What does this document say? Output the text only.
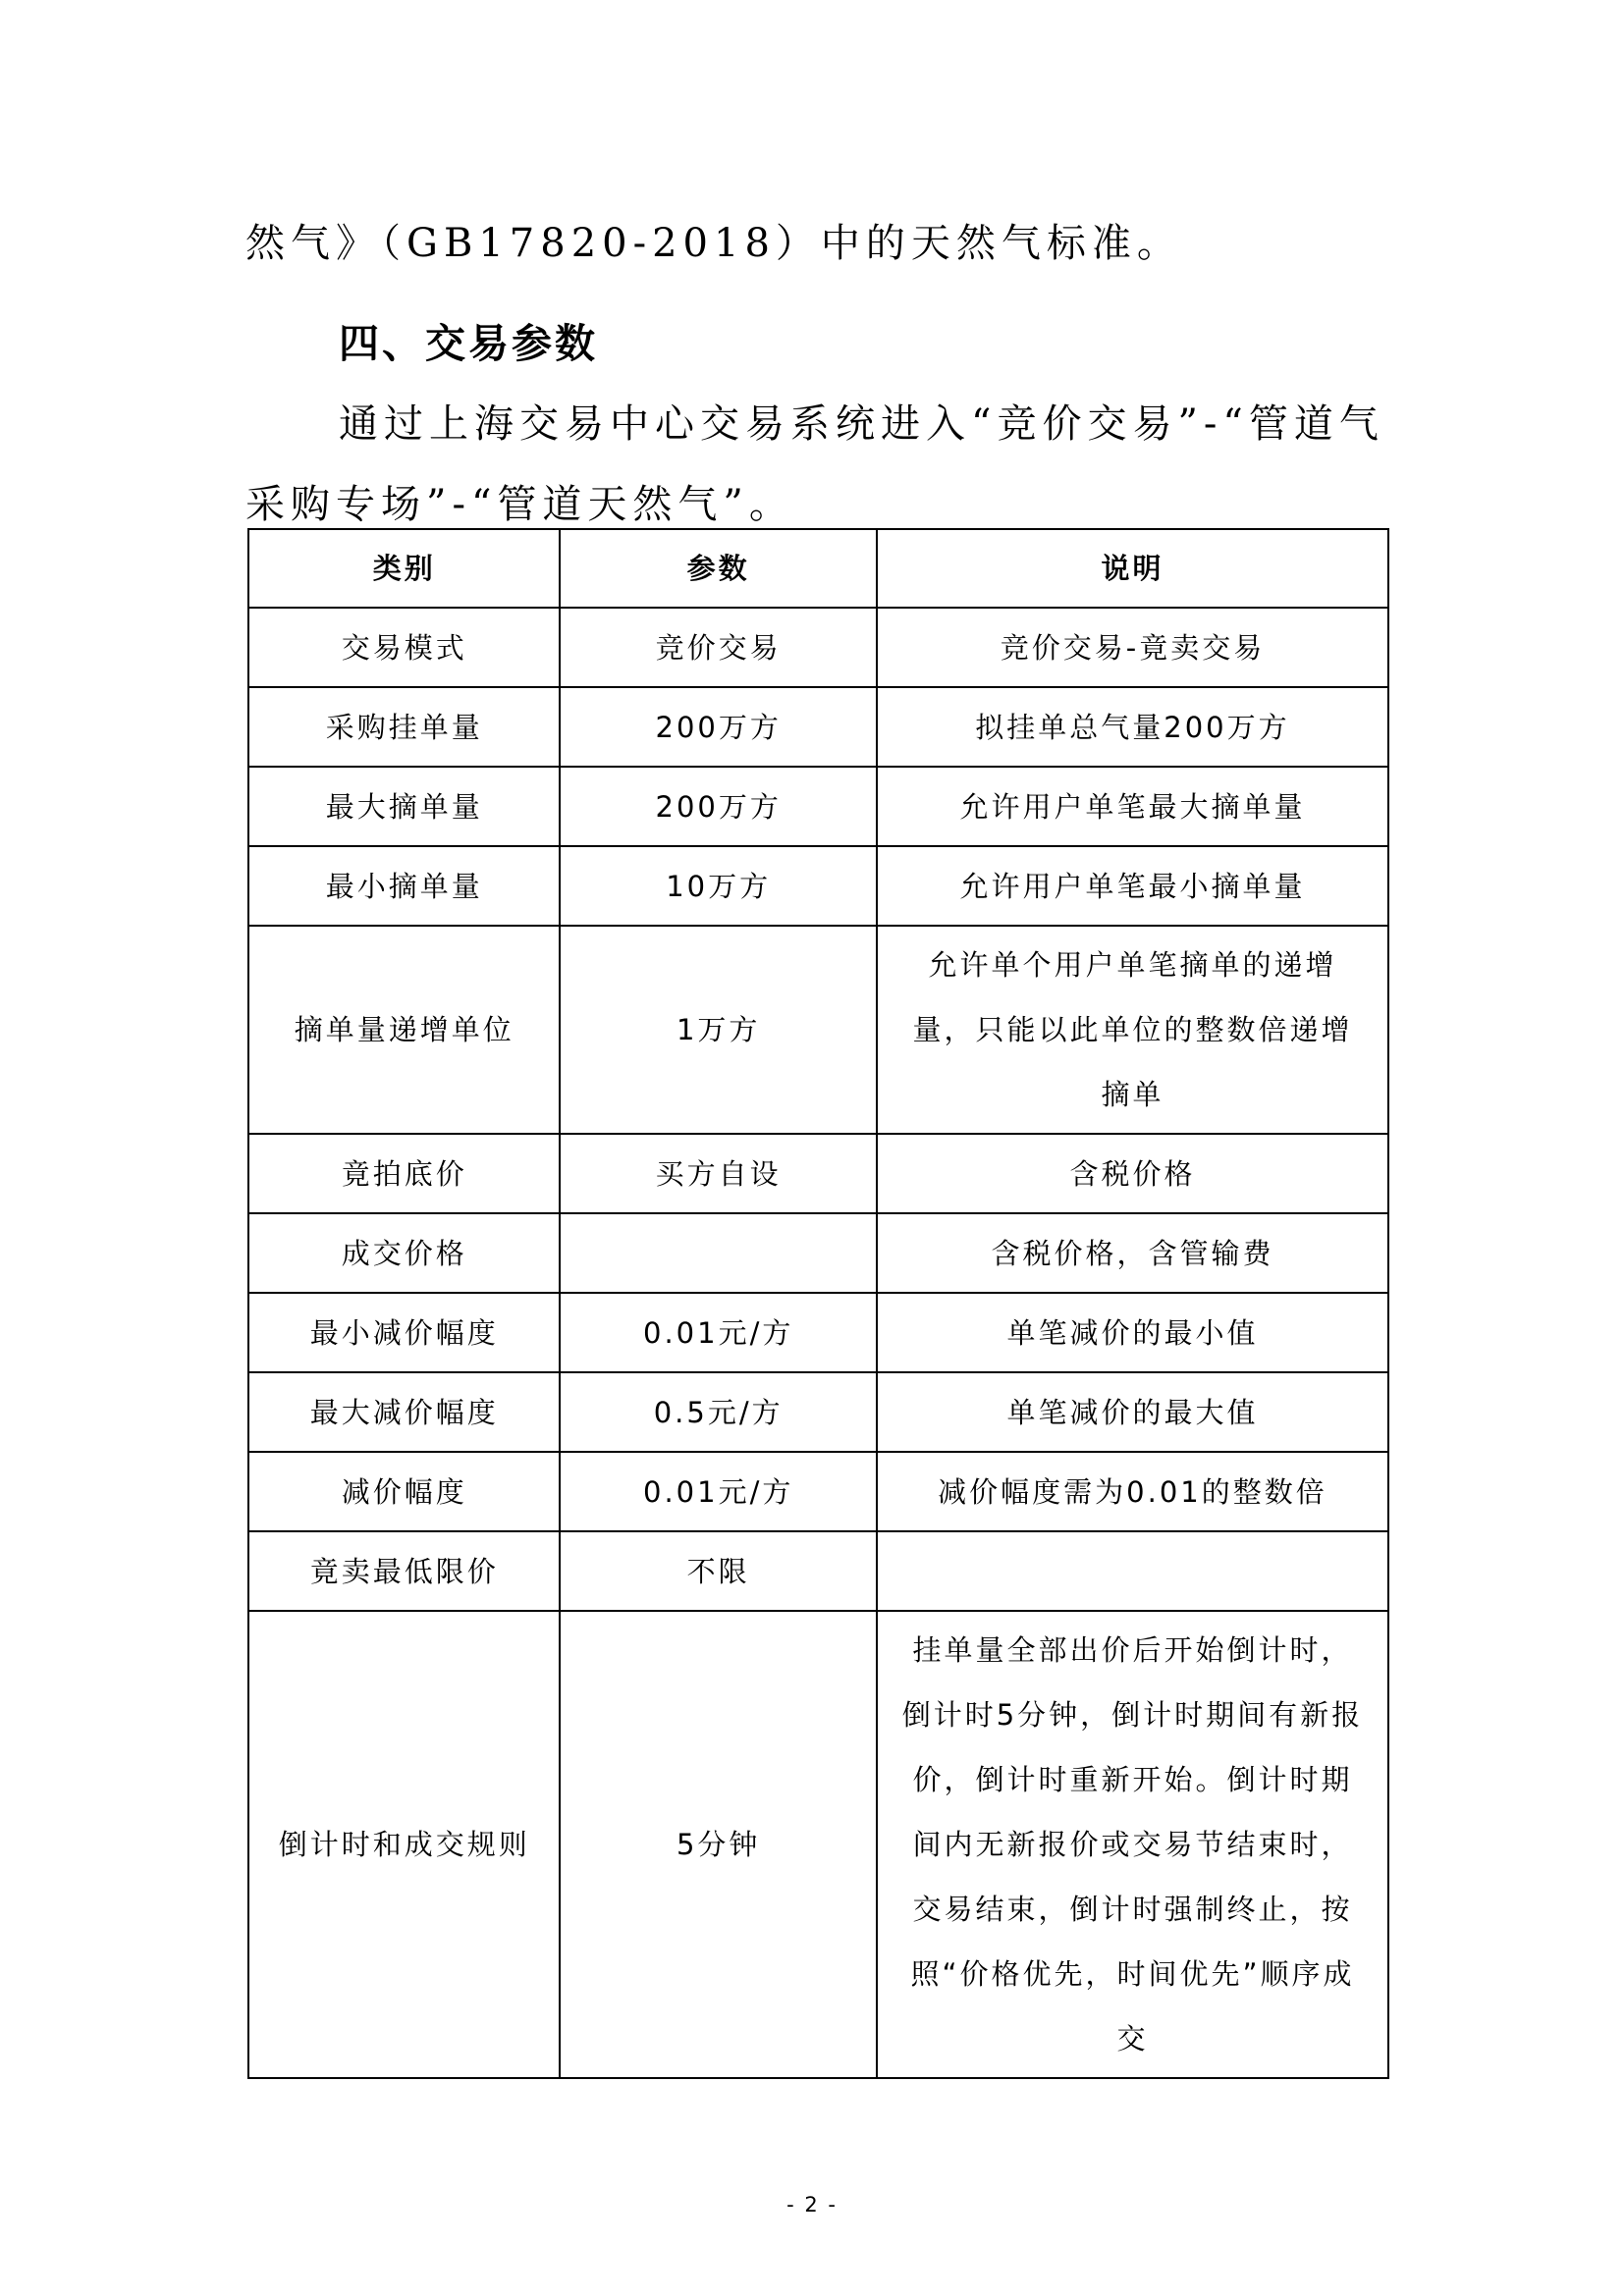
然气》（GB17820-2018）中的天然气标准。
四、交易参数
通过上海交易中心交易系统进入“竞价交易”-“管道气
采购专场”-“管道天然气”。
类别	参数	说明
交易模式	竞价交易	竞价交易-竟卖交易
采购挂单量	200万方	拟挂单总气量200万方
最大摘单量	200万方	允许用户单笔最大摘单量
最小摘单量	10万方	允许用户单笔最小摘单量
摘单量递增单位	1万方	允许单个用户单笔摘单的递增量，只能以此单位的整数倍递增摘单
竟拍底价	买方自设	含税价格
成交价格		含税价格，含管输费
最小减价幅度	0.01元/方	单笔减价的最小值
最大减价幅度	0.5元/方	单笔减价的最大值
减价幅度	0.01元/方	减价幅度需为0.01的整数倍
竟卖最低限价	不限	
倒计时和成交规则	5分钟	挂单量全部出价后开始倒计时，倒计时5分钟，倒计时期间有新报价，倒计时重新开始。倒计时期间内无新报价或交易节结束时，交易结束，倒计时强制终止，按照“价格优先，时间优先”顺序成交
- 2 -
